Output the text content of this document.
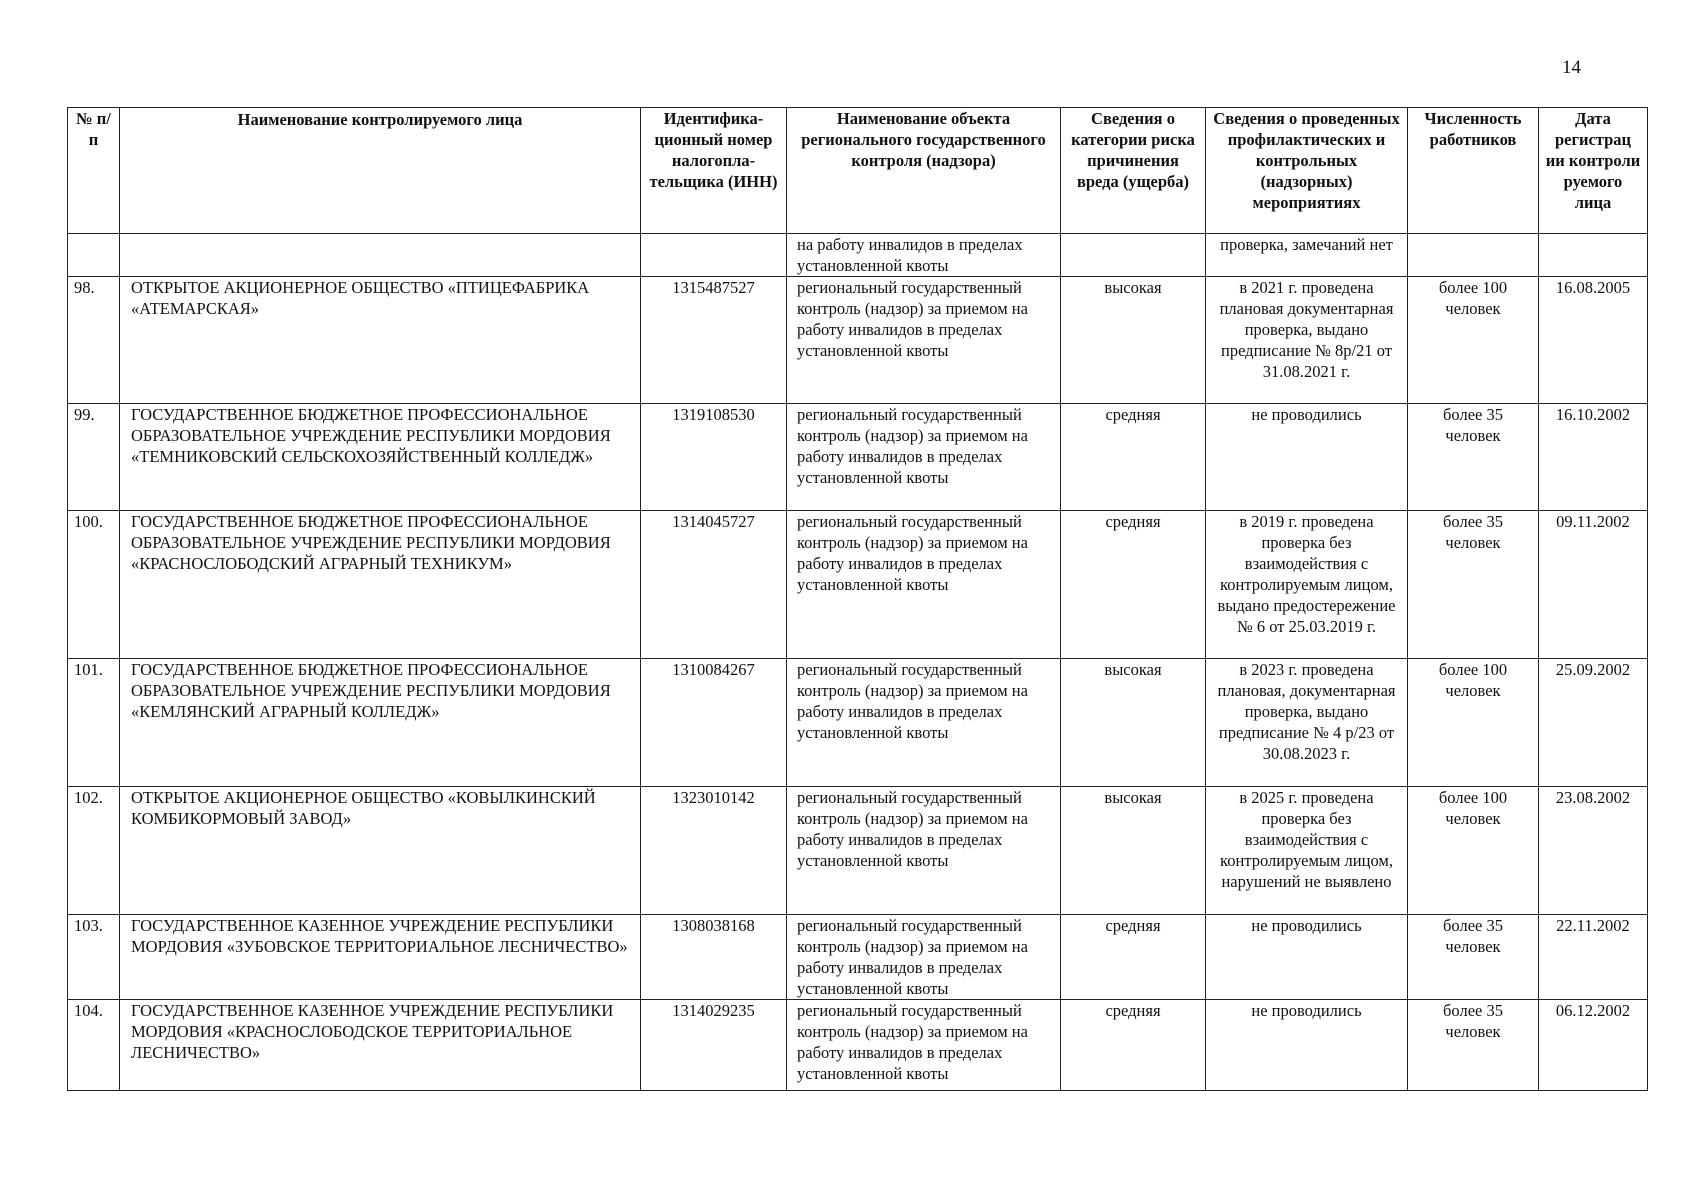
14
№ п/п	Наименование контролируемого лица	Идентифика-ционный номер налогопла-тельщика (ИНН)	Наименование объекта регионального государственного контроля (надзора)	Сведения о категории риска причинения вреда (ущерба)	Сведения о проведенных профилактических и контрольных (надзорных) мероприятиях	Численность работников	Дата регистрац ии контроли руемого лица
			на работу инвалидов в пределах установленной квоты		проверка, замечаний нет		
98.	ОТКРЫТОЕ АКЦИОНЕРНОЕ ОБЩЕСТВО «ПТИЦЕФАБРИКА «АТЕМАРСКАЯ»	1315487527	региональный государственный контроль (надзор) за приемом на работу инвалидов в пределах установленной квоты	высокая	в 2021 г. проведена плановая документарная проверка, выдано предписание № 8р/21 от 31.08.2021 г.	более 100 человек	16.08.2005
99.	ГОСУДАРСТВЕННОЕ БЮДЖЕТНОЕ ПРОФЕССИОНАЛЬНОЕ ОБРАЗОВАТЕЛЬНОЕ УЧРЕЖДЕНИЕ РЕСПУБЛИКИ МОРДОВИЯ «ТЕМНИКОВСКИЙ СЕЛЬСКОХОЗЯЙСТВЕННЫЙ КОЛЛЕДЖ»	1319108530	региональный государственный контроль (надзор) за приемом на работу инвалидов в пределах установленной квоты	средняя	не проводились	более 35 человек	16.10.2002
100.	ГОСУДАРСТВЕННОЕ БЮДЖЕТНОЕ ПРОФЕССИОНАЛЬНОЕ ОБРАЗОВАТЕЛЬНОЕ УЧРЕЖДЕНИЕ РЕСПУБЛИКИ МОРДОВИЯ «КРАСНОСЛОБОДСКИЙ АГРАРНЫЙ ТЕХНИКУМ»	1314045727	региональный государственный контроль (надзор) за приемом на работу инвалидов в пределах установленной квоты	средняя	в 2019 г. проведена проверка без взаимодействия с контролируемым лицом, выдано предостережение № 6 от 25.03.2019 г.	более 35 человек	09.11.2002
101.	ГОСУДАРСТВЕННОЕ БЮДЖЕТНОЕ ПРОФЕССИОНАЛЬНОЕ ОБРАЗОВАТЕЛЬНОЕ УЧРЕЖДЕНИЕ РЕСПУБЛИКИ МОРДОВИЯ «КЕМЛЯНСКИЙ АГРАРНЫЙ КОЛЛЕДЖ»	1310084267	региональный государственный контроль (надзор) за приемом на работу инвалидов в пределах установленной квоты	высокая	в 2023 г. проведена плановая, документарная проверка, выдано предписание № 4 р/23 от 30.08.2023 г.	более 100 человек	25.09.2002
102.	ОТКРЫТОЕ АКЦИОНЕРНОЕ ОБЩЕСТВО «КОВЫЛКИНСКИЙ КОМБИКОРМОВЫЙ ЗАВОД»	1323010142	региональный государственный контроль (надзор) за приемом на работу инвалидов в пределах установленной квоты	высокая	в 2025 г. проведена проверка без взаимодействия с контролируемым лицом, нарушений не выявлено	более 100 человек	23.08.2002
103.	ГОСУДАРСТВЕННОЕ КАЗЕННОЕ УЧРЕЖДЕНИЕ РЕСПУБЛИКИ МОРДОВИЯ «ЗУБОВСКОЕ ТЕРРИТОРИАЛЬНОЕ ЛЕСНИЧЕСТВО»	1308038168	региональный государственный контроль (надзор) за приемом на работу инвалидов в пределах установленной квоты	средняя	не проводились	более 35 человек	22.11.2002
104.	ГОСУДАРСТВЕННОЕ КАЗЕННОЕ УЧРЕЖДЕНИЕ РЕСПУБЛИКИ МОРДОВИЯ «КРАСНОСЛОБОДСКОЕ ТЕРРИТОРИАЛЬНОЕ ЛЕСНИЧЕСТВО»	1314029235	региональный государственный контроль (надзор) за приемом на работу инвалидов в пределах установленной квоты	средняя	не проводились	более 35 человек	06.12.2002
